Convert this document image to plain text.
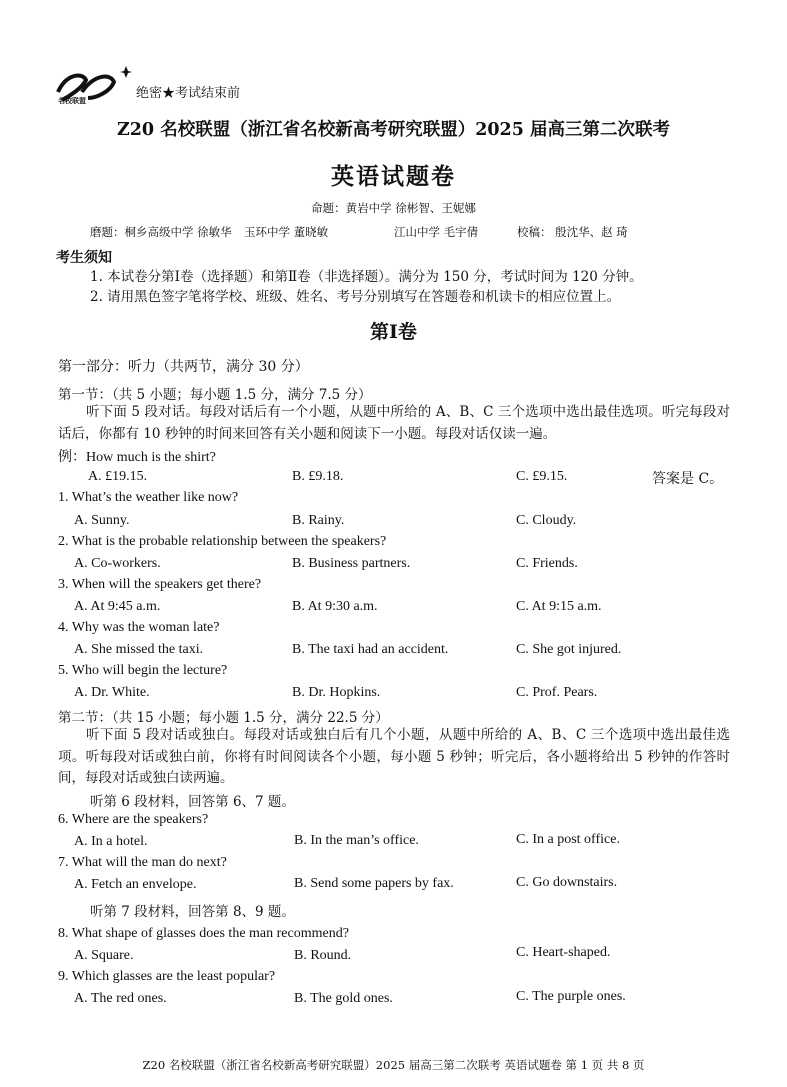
名校联盟	绝密★考试结束前
Z20 名校联盟（浙江省名校新高考研究联盟）2025 届高三第二次联考
英语试题卷
命题：黄岩中学 徐彬智、王妮娜
磨题：桐乡高级中学 徐敏华 玉环中学 董晓敏	江山中学 毛宇倩	校稿： 殷沈华、赵 琦
考生须知
1. 本试卷分第Ⅰ卷（选择题）和第Ⅱ卷（非选择题）。满分为 150 分，考试时间为 120 分钟。
2. 请用黑色签字笔将学校、班级、姓名、考号分别填写在答题卷和机读卡的相应位置上。
第Ⅰ卷
第一部分：听力（共两节，满分 30 分）
第一节：（共 5 小题；每小题 1.5 分，满分 7.5 分）
听下面 5 段对话。每段对话后有一个小题，从题中所给的 A、B、C 三个选项中选出最佳选项。听完每段对话后，你都有 10 秒钟的时间来回答有关小题和阅读下一小题。每段对话仅读一遍。
例：How much is the shirt?
A. £19.15.	B. £9.18.	C. £9.15.	答案是 C。
1. What’s the weather like now?
A. Sunny.	B. Rainy.	C. Cloudy.
2. What is the probable relationship between the speakers?
A. Co-workers.	B. Business partners.	C. Friends.
3. When will the speakers get there?
A. At 9:45 a.m.	B. At 9:30 a.m.	C. At 9:15 a.m.
4. Why was the woman late?
A. She missed the taxi.	B. The taxi had an accident.	C. She got injured.
5. Who will begin the lecture?
A. Dr. White.	B. Dr. Hopkins.	C. Prof. Pears.
第二节：（共 15 小题；每小题 1.5 分，满分 22.5 分）
听下面 5 段对话或独白。每段对话或独白后有几个小题，从题中所给的 A、B、C 三个选项中选出最佳选项。听每段对话或独白前，你将有时间阅读各个小题，每小题 5 秒钟；听完后，各小题将给出 5 秒钟的作答时间，每段对话或独白读两遍。
听第 6 段材料，回答第 6、7 题。
6. Where are the speakers?
A. In a hotel.	B. In the man’s office.	C. In a post office.
7. What will the man do next?
A. Fetch an envelope.	B. Send some papers by fax.	C. Go downstairs.
听第 7 段材料，回答第 8、9 题。
8. What shape of glasses does the man recommend?
A. Square.	B. Round.	C. Heart-shaped.
9. Which glasses are the least popular?
A. The red ones.	B. The gold ones.	C. The purple ones.
Z20 名校联盟（浙江省名校新高考研究联盟）2025 届高三第二次联考 英语试题卷 第 1 页 共 8 页
